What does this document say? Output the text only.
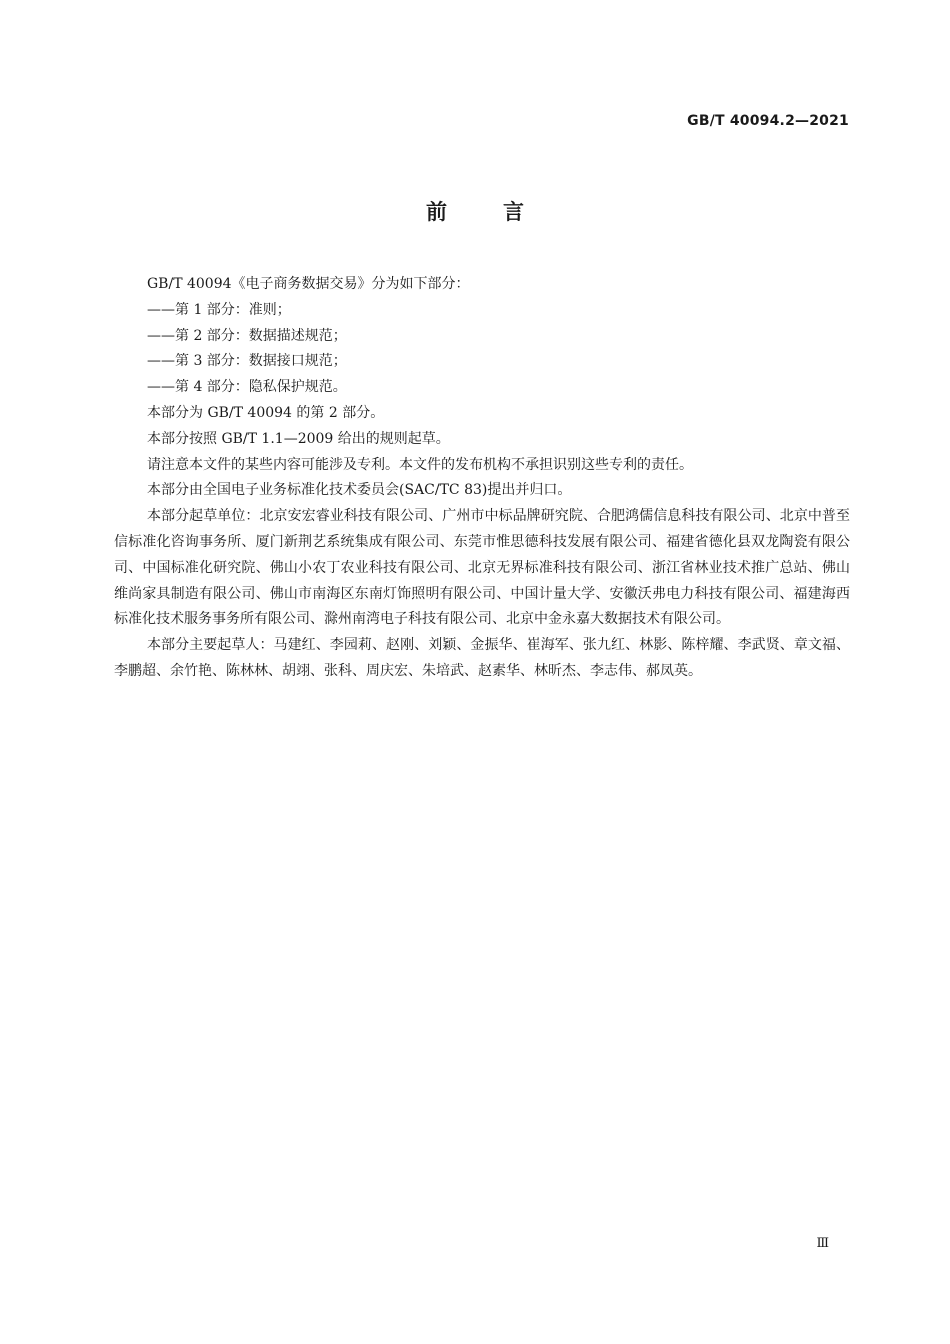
GB/T 40094.2—2021
前言

GB/T 40094《电子商务数据交易》分为如下部分：

——第 1 部分：准则；

——第 2 部分：数据描述规范；

——第 3 部分：数据接口规范；

——第 4 部分：隐私保护规范。

本部分为 GB/T 40094 的第 2 部分。

本部分按照 GB/T 1.1—2009 给出的规则起草。

请注意本文件的某些内容可能涉及专利。本文件的发布机构不承担识别这些专利的责任。

本部分由全国电子业务标准化技术委员会(SAC/TC 83)提出并归口。

本部分起草单位：北京安宏睿业科技有限公司、广州市中标品牌研究院、合肥鸿儒信息科技有限公司、北京中普至信标准化咨询事务所、厦门新荆艺系统集成有限公司、东莞市惟思德科技发展有限公司、福建省德化县双龙陶瓷有限公司、中国标准化研究院、佛山小农丁农业科技有限公司、北京无界标准科技有限公司、浙江省林业技术推广总站、佛山维尚家具制造有限公司、佛山市南海区东南灯饰照明有限公司、中国计量大学、安徽沃弗电力科技有限公司、福建海西标准化技术服务事务所有限公司、滁州南湾电子科技有限公司、北京中金永嘉大数据技术有限公司。

本部分主要起草人：马建红、李园莉、赵刚、刘颖、金振华、崔海军、张九红、林影、陈梓耀、李武贤、章文福、李鹏超、余竹艳、陈林林、胡翊、张科、周庆宏、朱培武、赵素华、林昕杰、李志伟、郝凤英。

Ⅲ
